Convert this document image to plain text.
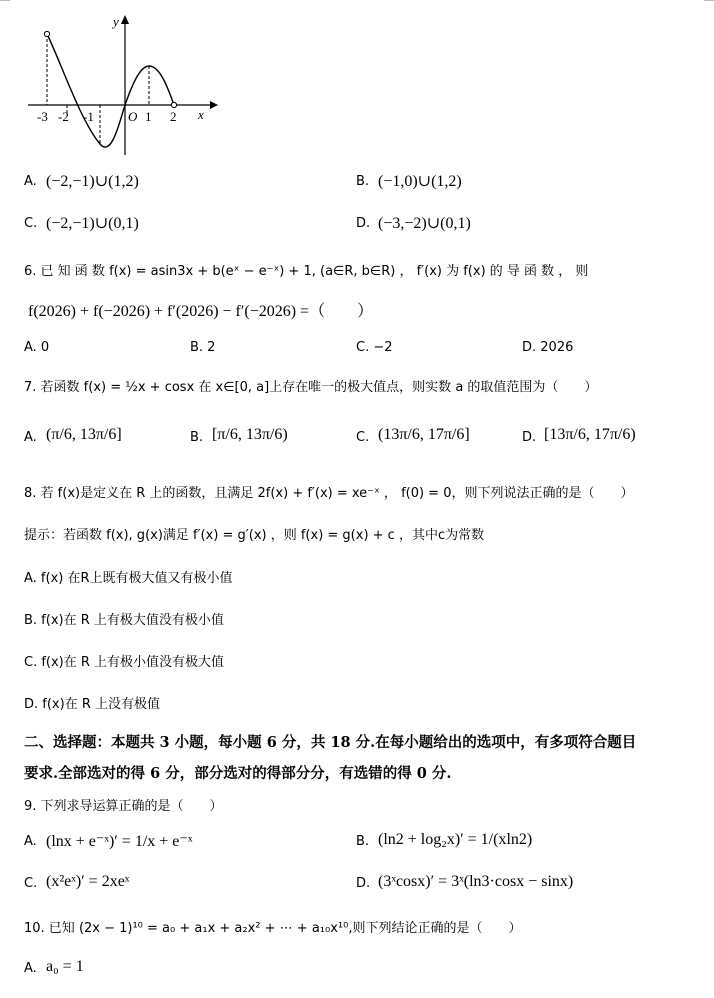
y
x
-3 -2 -1	O 1 2
A. (−2,−1)∪(1,2)	B. (−1,0)∪(1,2)
C. (−2,−1)∪(0,1)	D. (−3,−2)∪(0,1)
6. 已 知 函 数 f(x) = asin3x + b(eˣ − e⁻ˣ) + 1, (a∈R, b∈R) ， f′(x) 为 f(x) 的 导 函 数 ， 则
f(2026) + f(−2026) + f′(2026) − f′(−2026) =（　　）
A. 0	B. 2	C. −2	D. 2026
7. 若函数 f(x) = ½x + cosx 在 x∈[0, a]上存在唯一的极大值点，则实数 a 的取值范围为（　　）
A. (π/6, 13π/6]	B. [π/6, 13π/6)	C. (13π/6, 17π/6]	D. [13π/6, 17π/6)
8. 若 f(x)是定义在 R 上的函数，且满足 2f(x) + f′(x) = xe⁻ˣ ， f(0) = 0，则下列说法正确的是（　　）
提示：若函数 f(x), g(x)满足 f′(x) = g′(x) ，则 f(x) = g(x) + c ，其中c为常数
A. f(x) 在R上既有极大值又有极小值
B. f(x)在 R 上有极大值没有极小值
C. f(x)在 R 上有极小值没有极大值
D. f(x)在 R 上没有极值
二、选择题：本题共 3 小题，每小题 6 分，共 18 分.在每小题给出的选项中，有多项符合题目
要求.全部选对的得 6 分，部分选对的得部分分，有选错的得 0 分.
9. 下列求导运算正确的是（　　）
A. (lnx + e⁻ˣ)′ = 1/x + e⁻ˣ	B. (ln2 + log₂x)′ = 1/(xln2)
C. (x²eˣ)′ = 2xeˣ	D. (3ˣcosx)′ = 3ˣ(ln3·cosx − sinx)
10. 已知 (2x − 1)¹⁰ = a₀ + a₁x + a₂x² + ⋯ + a₁₀x¹⁰,则下列结论正确的是（　　）
A. a₀ = 1
